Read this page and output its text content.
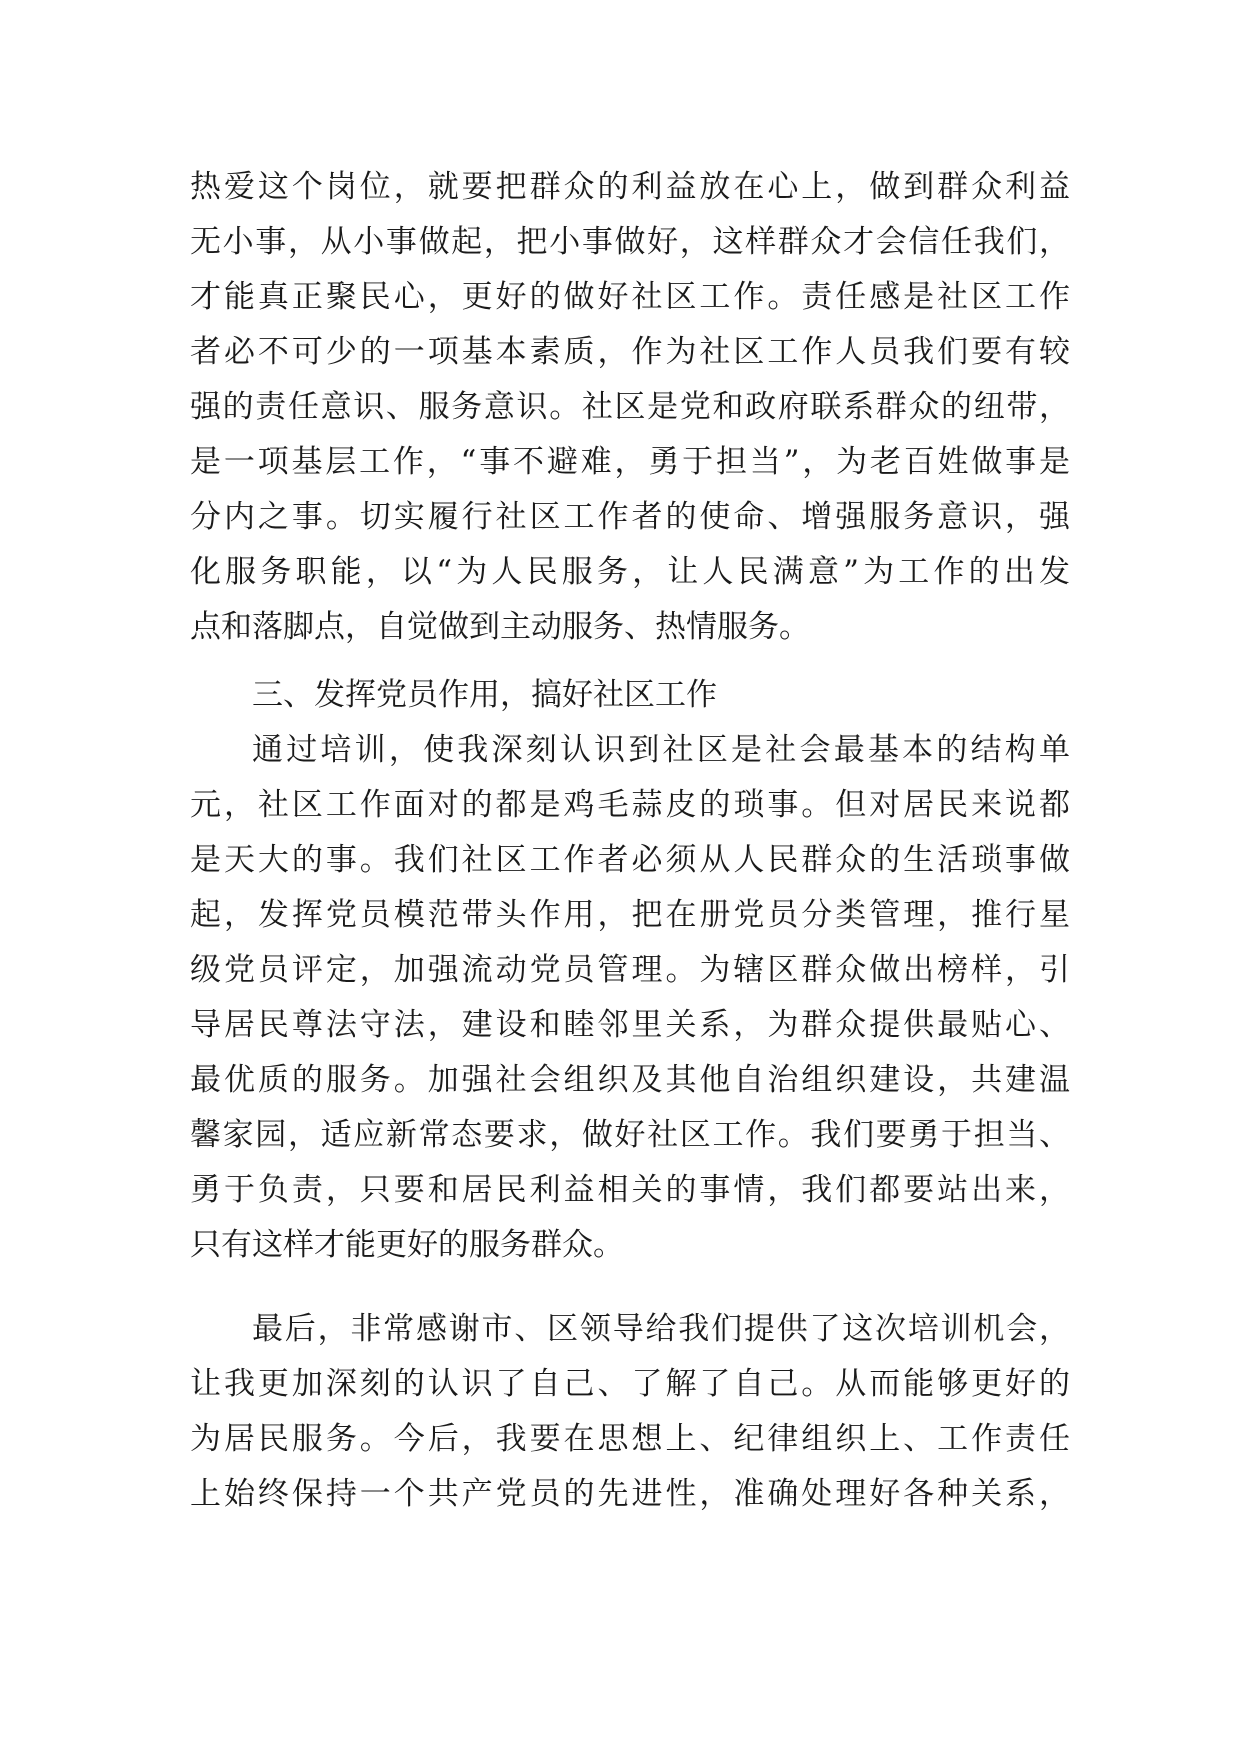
热爱这个岗位，就要把群众的利益放在心上，做到群众利益
无小事，从小事做起，把小事做好，这样群众才会信任我们，
才能真正聚民心，更好的做好社区工作。责任感是社区工作
者必不可少的一项基本素质，作为社区工作人员我们要有较
强的责任意识、服务意识。社区是党和政府联系群众的纽带，
是一项基层工作，“事不避难，勇于担当”，为老百姓做事是
分内之事。切实履行社区工作者的使命、增强服务意识，强
化服务职能，以“为人民服务，让人民满意”为工作的出发
点和落脚点，自觉做到主动服务、热情服务。
三、发挥党员作用，搞好社区工作
通过培训，使我深刻认识到社区是社会最基本的结构单
元，社区工作面对的都是鸡毛蒜皮的琐事。但对居民来说都
是天大的事。我们社区工作者必须从人民群众的生活琐事做
起，发挥党员模范带头作用，把在册党员分类管理，推行星
级党员评定，加强流动党员管理。为辖区群众做出榜样，引
导居民尊法守法，建设和睦邻里关系，为群众提供最贴心、
最优质的服务。加强社会组织及其他自治组织建设，共建温
馨家园，适应新常态要求，做好社区工作。我们要勇于担当、
勇于负责，只要和居民利益相关的事情，我们都要站出来，
只有这样才能更好的服务群众。
最后，非常感谢市、区领导给我们提供了这次培训机会，
让我更加深刻的认识了自己、了解了自己。从而能够更好的
为居民服务。今后，我要在思想上、纪律组织上、工作责任
上始终保持一个共产党员的先进性，准确处理好各种关系，
